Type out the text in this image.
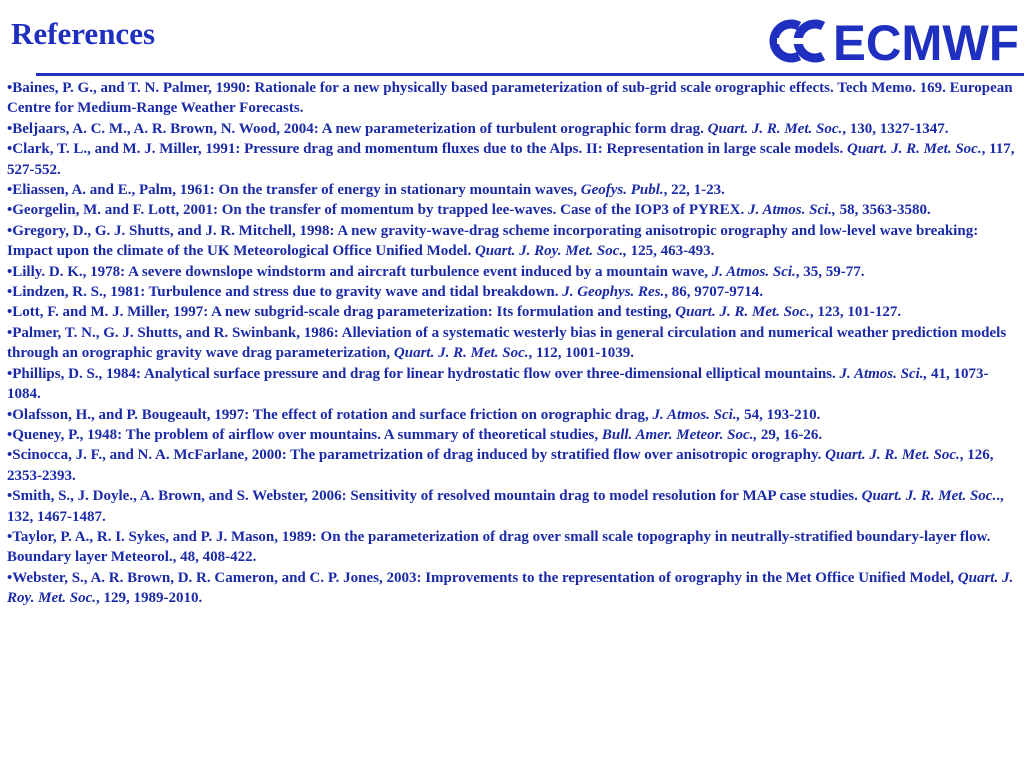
References	ECMWF
•Baines, P. G., and T. N. Palmer, 1990: Rationale for a new physically based parameterization of sub-grid scale orographic effects. Tech Memo. 169. European Centre for Medium-Range Weather Forecasts.
•Beljaars, A. C. M., A. R. Brown, N. Wood, 2004: A new parameterization of turbulent orographic form drag. Quart. J. R. Met. Soc., 130, 1327-1347.
•Clark, T. L., and M. J. Miller, 1991: Pressure drag and momentum fluxes due to the Alps. II: Representation in large scale models. Quart. J. R. Met. Soc., 117, 527-552.
•Eliassen, A. and E., Palm, 1961: On the transfer of energy in stationary mountain waves, Geofys. Publ., 22, 1-23.
•Georgelin, M. and F. Lott, 2001: On the transfer of momentum by trapped lee-waves. Case of the IOP3 of PYREX. J. Atmos. Sci., 58, 3563-3580.
•Gregory, D., G. J. Shutts, and J. R. Mitchell, 1998: A new gravity-wave-drag scheme incorporating anisotropic orography and low-level wave breaking: Impact upon the climate of the UK Meteorological Office Unified Model. Quart. J. Roy. Met. Soc., 125, 463-493.
•Lilly. D. K., 1978: A severe downslope windstorm and aircraft turbulence event induced by a mountain wave, J. Atmos. Sci., 35, 59-77.
•Lindzen, R. S., 1981: Turbulence and stress due to gravity wave and tidal breakdown. J. Geophys. Res., 86, 9707-9714.
•Lott, F. and M. J. Miller, 1997: A new subgrid-scale drag parameterization: Its formulation and testing, Quart. J. R. Met. Soc., 123, 101-127.
•Palmer, T. N., G. J. Shutts, and R. Swinbank, 1986: Alleviation of a systematic westerly bias in general circulation and numerical weather prediction models through an orographic gravity wave drag parameterization, Quart. J. R. Met. Soc., 112, 1001-1039.
•Phillips, D. S., 1984: Analytical surface pressure and drag for linear hydrostatic flow over three-dimensional elliptical mountains. J. Atmos. Sci., 41, 1073-1084.
•Olafsson, H., and P. Bougeault, 1997: The effect of rotation and surface friction on orographic drag, J. Atmos. Sci., 54, 193-210.
•Queney, P., 1948: The problem of airflow over mountains. A summary of theoretical studies, Bull. Amer. Meteor. Soc., 29, 16-26.
•Scinocca, J. F., and N. A. McFarlane, 2000: The parametrization of drag induced by stratified flow over anisotropic orography. Quart. J. R. Met. Soc., 126, 2353-2393.
•Smith, S., J. Doyle., A. Brown, and S. Webster, 2006: Sensitivity of resolved mountain drag to model resolution for MAP case studies. Quart. J. R. Met. Soc.., 132, 1467-1487.
•Taylor, P. A., R. I. Sykes, and P. J. Mason, 1989: On the parameterization of drag over small scale topography in neutrally-stratified boundary-layer flow. Boundary layer Meteorol., 48, 408-422.
•Webster, S., A. R. Brown, D. R. Cameron, and C. P. Jones, 2003: Improvements to the representation of orography in the Met Office Unified Model, Quart. J. Roy. Met. Soc., 129, 1989-2010.
